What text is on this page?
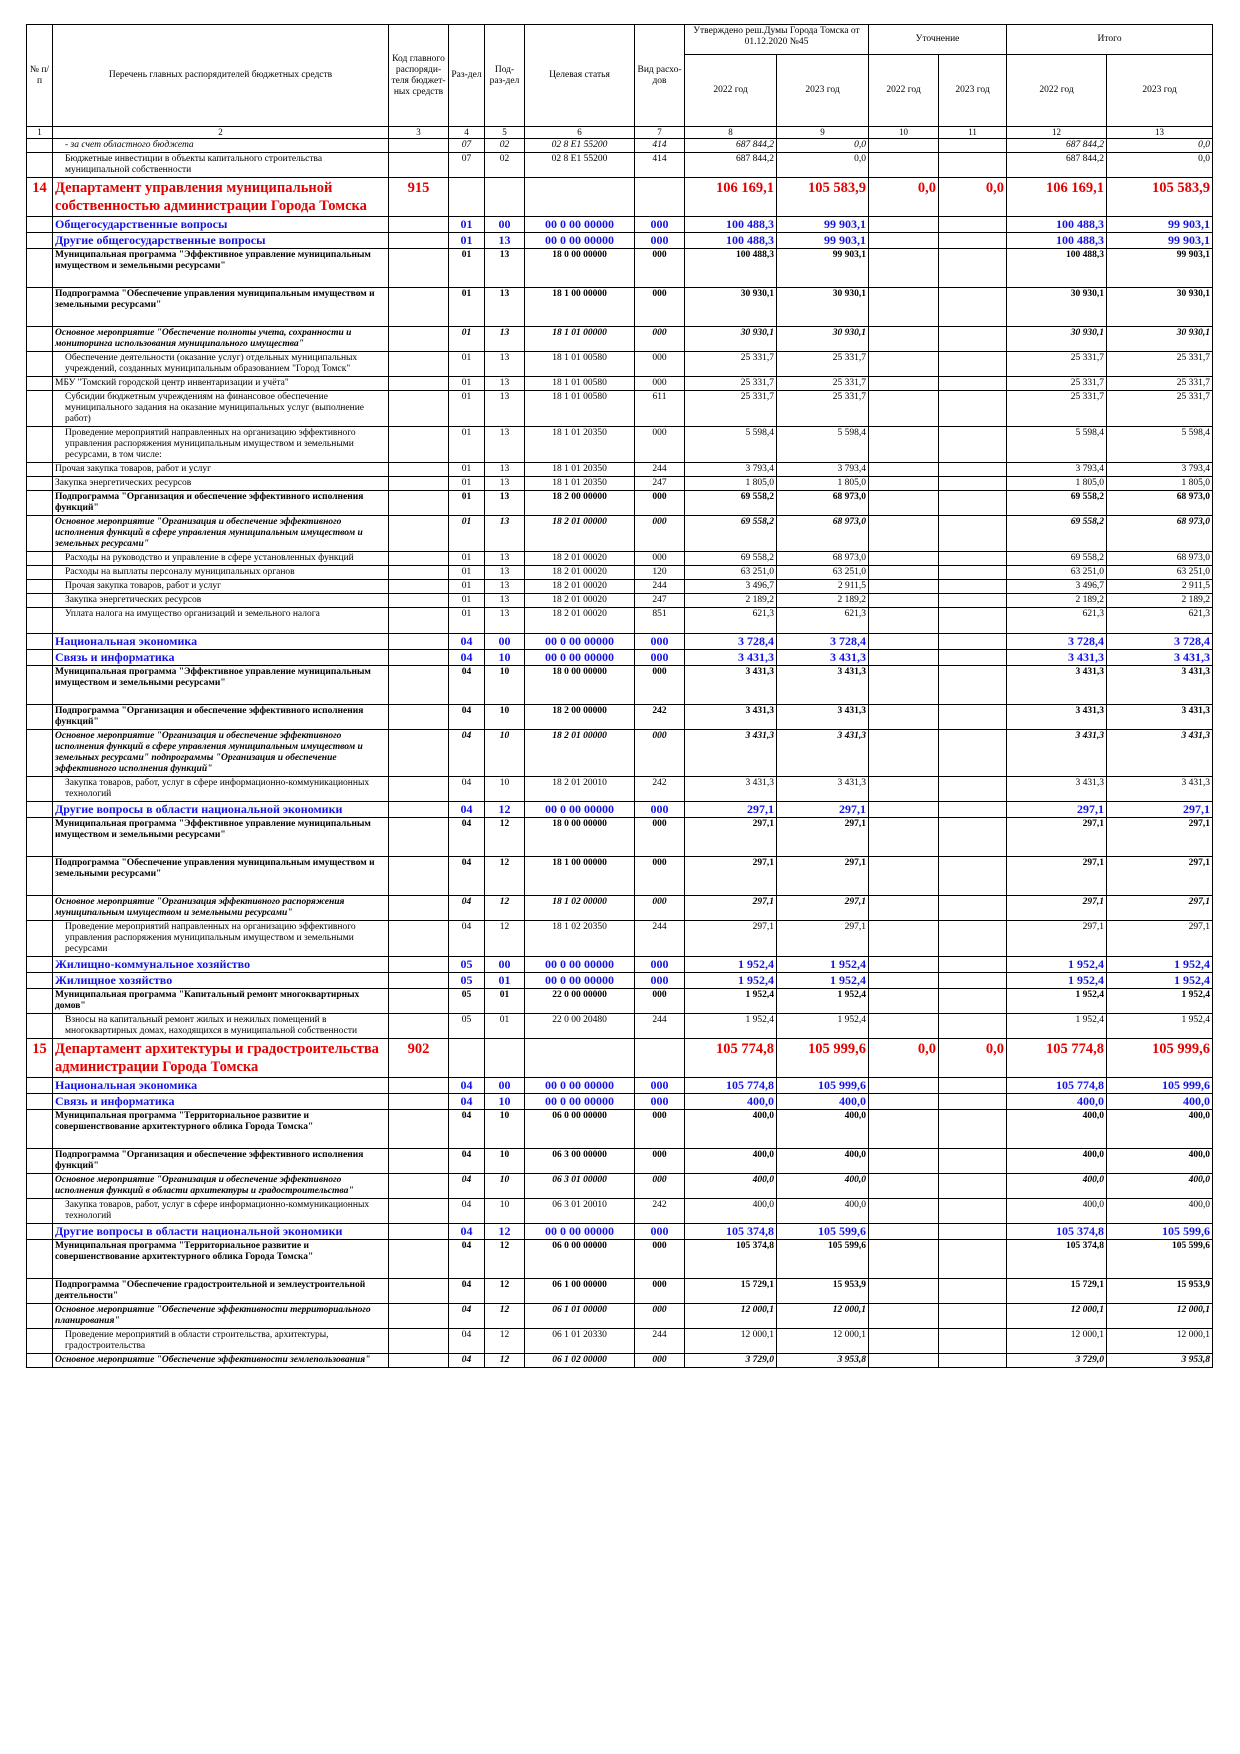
№ п/п	Перечень главных распорядителей бюджетных средств	Код главного распоряди-теля бюджет-ных средств	Раз-дел	Под-раз-дел	Целевая статья	Вид расхо-дов	Утверждено реш.Думы Города Томска от 01.12.2020 №45		Уточнение		Итого	
							2022 год	2023 год	2022 год	2023 год	2022 год	2023 год
1	2	3	4	5	6	7	8	9	10	11	12	13
	- за счет областного бюджета		07	02	02 8 E1 55200	414	687 844,2	0,0			687 844,2	0,0
	Бюджетные инвестиции в объекты капитального строительства муниципальной собственности		07	02	02 8 E1 55200	414	687 844,2	0,0			687 844,2	0,0
14	Департамент управления муниципальной собственностью администрации Города Томска	915					106 169,1	105 583,9	0,0	0,0	106 169,1	105 583,9
	Общегосударственные вопросы		01	00	00 0 00 00000	000	100 488,3	99 903,1			100 488,3	99 903,1
	Другие общегосударственные вопросы		01	13	00 0 00 00000	000	100 488,3	99 903,1			100 488,3	99 903,1
	Муниципальная программа "Эффективное управление муниципальным имуществом и земельными ресурсами"		01	13	18 0 00 00000	000	100 488,3	99 903,1			100 488,3	99 903,1
	Подпрограмма "Обеспечение управления муниципальным имуществом и земельными ресурсами"		01	13	18 1 00 00000	000	30 930,1	30 930,1			30 930,1	30 930,1
	Основное мероприятие "Обеспечение полноты учета, сохранности и мониторинга использования муниципального имущества"		01	13	18 1 01 00000	000	30 930,1	30 930,1			30 930,1	30 930,1
	Обеспечение деятельности (оказание услуг) отдельных муниципальных учреждений, созданных муниципальным образованием "Город Томск"		01	13	18 1 01 00580	000	25 331,7	25 331,7			25 331,7	25 331,7
	МБУ "Томский городской центр инвентаризации и учёта"		01	13	18 1 01 00580	000	25 331,7	25 331,7			25 331,7	25 331,7
	Субсидии бюджетным учреждениям на финансовое обеспечение муниципального задания на оказание муниципальных услуг (выполнение работ)		01	13	18 1 01 00580	611	25 331,7	25 331,7			25 331,7	25 331,7
	Проведение мероприятий направленных на организацию эффективного управления распоряжения муниципальным имуществом и земельными ресурсами, в том числе:		01	13	18 1 01 20350	000	5 598,4	5 598,4			5 598,4	5 598,4
	Прочая закупка товаров, работ и услуг		01	13	18 1 01 20350	244	3 793,4	3 793,4			3 793,4	3 793,4
	Закупка энергетических ресурсов		01	13	18 1 01 20350	247	1 805,0	1 805,0			1 805,0	1 805,0
	Подпрограмма "Организация и обеспечение эффективного исполнения функций"		01	13	18 2 00 00000	000	69 558,2	68 973,0			69 558,2	68 973,0
	Основное мероприятие "Организация и обеспечение эффективного исполнения функций в сфере управления муниципальным имуществом и земельных ресурсами"		01	13	18 2 01 00000	000	69 558,2	68 973,0			69 558,2	68 973,0
	Расходы на руководство и управление в сфере установленных функций		01	13	18 2 01 00020	000	69 558,2	68 973,0			69 558,2	68 973,0
	Расходы на выплаты персоналу муниципальных органов		01	13	18 2 01 00020	120	63 251,0	63 251,0			63 251,0	63 251,0
	Прочая закупка товаров, работ и услуг		01	13	18 2 01 00020	244	3 496,7	2 911,5			3 496,7	2 911,5
	Закупка энергетических ресурсов		01	13	18 2 01 00020	247	2 189,2	2 189,2			2 189,2	2 189,2
	Уплата налога на имущество организаций и земельного налога		01	13	18 2 01 00020	851	621,3	621,3			621,3	621,3
	Национальная экономика		04	00	00 0 00 00000	000	3 728,4	3 728,4			3 728,4	3 728,4
	Связь и информатика		04	10	00 0 00 00000	000	3 431,3	3 431,3			3 431,3	3 431,3
	Муниципальная программа "Эффективное управление муниципальным имуществом и земельными ресурсами"		04	10	18 0 00 00000	000	3 431,3	3 431,3			3 431,3	3 431,3
	Подпрограмма "Организация и обеспечение эффективного исполнения функций"		04	10	18 2 00 00000	242	3 431,3	3 431,3			3 431,3	3 431,3
	Основное мероприятие "Организация и обеспечение эффективного исполнения функций в сфере управления муниципальным имуществом и земельных ресурсами" подпрограммы "Организация и обеспечение эффективного исполнения функций"		04	10	18 2 01 00000	000	3 431,3	3 431,3			3 431,3	3 431,3
	Закупка товаров, работ, услуг в сфере информационно-коммуникационных технологий		04	10	18 2 01 20010	242	3 431,3	3 431,3			3 431,3	3 431,3
	Другие вопросы в области национальной экономики		04	12	00 0 00 00000	000	297,1	297,1			297,1	297,1
	Муниципальная программа "Эффективное управление муниципальным имуществом и земельными ресурсами"		04	12	18 0 00 00000	000	297,1	297,1			297,1	297,1
	Подпрограмма "Обеспечение управления муниципальным имуществом и земельными ресурсами"		04	12	18 1 00 00000	000	297,1	297,1			297,1	297,1
	Основное мероприятие "Организация эффективного распоряжения муниципальным имуществом и земельными ресурсами"		04	12	18 1 02 00000	000	297,1	297,1			297,1	297,1
	Проведение мероприятий направленных на организацию эффективного управления распоряжения муниципальным имуществом и земельными ресурсами		04	12	18 1 02 20350	244	297,1	297,1			297,1	297,1
	Жилищно-коммунальное хозяйство		05	00	00 0 00 00000	000	1 952,4	1 952,4			1 952,4	1 952,4
	Жилищное хозяйство		05	01	00 0 00 00000	000	1 952,4	1 952,4			1 952,4	1 952,4
	Муниципальная программа "Капитальный ремонт многоквартирных домов"		05	01	22 0 00 00000	000	1 952,4	1 952,4			1 952,4	1 952,4
	Взносы на капитальный ремонт жилых и нежилых помещений в многоквартирных домах, находящихся в муниципальной собственности		05	01	22 0 00 20480	244	1 952,4	1 952,4			1 952,4	1 952,4
15	Департамент архитектуры и градостроительства администрации Города Томска	902					105 774,8	105 999,6	0,0	0,0	105 774,8	105 999,6
	Национальная экономика		04	00	00 0 00 00000	000	105 774,8	105 999,6			105 774,8	105 999,6
	Связь и информатика		04	10	00 0 00 00000	000	400,0	400,0			400,0	400,0
	Муниципальная программа "Территориальное развитие и совершенствование архитектурного облика Города Томска"		04	10	06 0 00 00000	000	400,0	400,0			400,0	400,0
	Подпрограмма "Организация и обеспечение эффективного исполнения функций"		04	10	06 3 00 00000	000	400,0	400,0			400,0	400,0
	Основное мероприятие "Организация и обеспечение эффективного исполнения функций в области архитектуры и градостроительства"		04	10	06 3 01 00000	000	400,0	400,0			400,0	400,0
	Закупка товаров, работ, услуг в сфере информационно-коммуникационных технологий		04	10	06 3 01 20010	242	400,0	400,0			400,0	400,0
	Другие вопросы в области национальной экономики		04	12	00 0 00 00000	000	105 374,8	105 599,6			105 374,8	105 599,6
	Муниципальная программа "Территориальное развитие и совершенствование архитектурного облика Города Томска"		04	12	06 0 00 00000	000	105 374,8	105 599,6			105 374,8	105 599,6
	Подпрограмма "Обеспечение градостроительной и землеустроительной деятельности"		04	12	06 1 00 00000	000	15 729,1	15 953,9			15 729,1	15 953,9
	Основное мероприятие "Обеспечение эффективности территориального планирования"		04	12	06 1 01 00000	000	12 000,1	12 000,1			12 000,1	12 000,1
	Проведение мероприятий в области строительства, архитектуры, градостроительства		04	12	06 1 01 20330	244	12 000,1	12 000,1			12 000,1	12 000,1
	Основное мероприятие "Обеспечение эффективности землепользования"		04	12	06 1 02 00000	000	3 729,0	3 953,8			3 729,0	3 953,8
